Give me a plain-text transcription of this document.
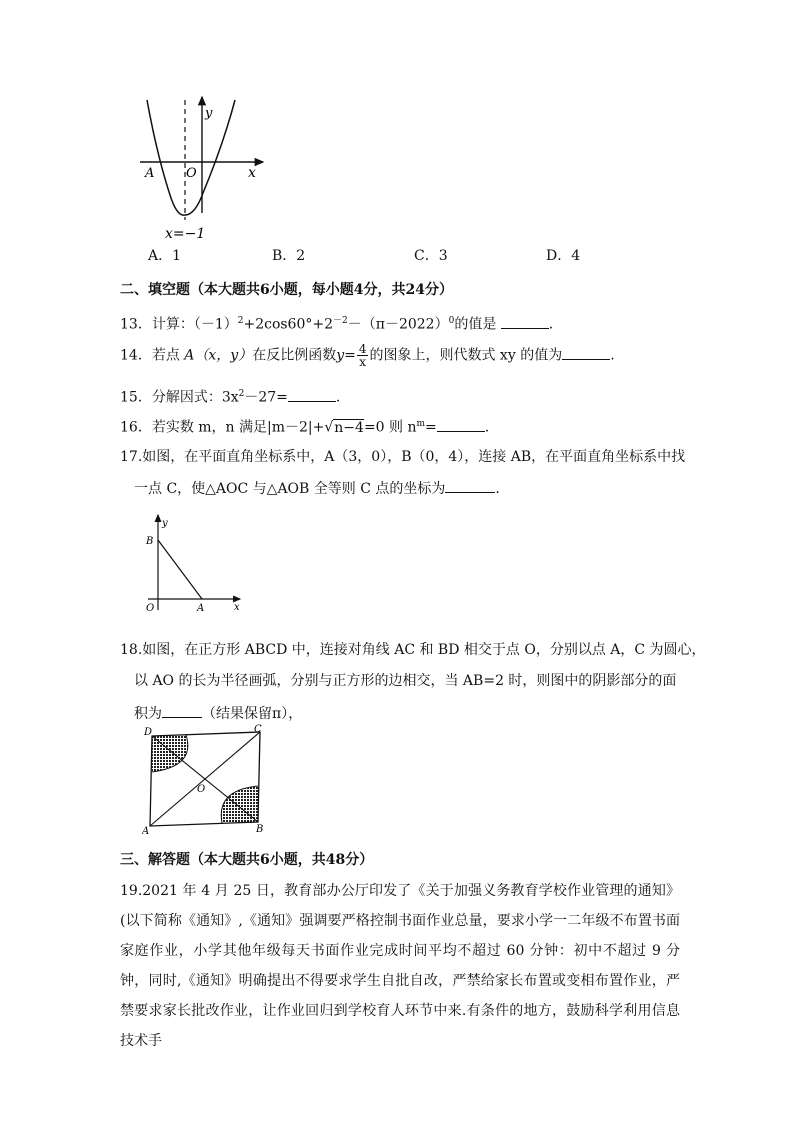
y
x
A O
x=−1
A．1	B．2	C．3	D．4
二、填空题（本大题共6小题，每小题4分，共24分）
13．计算：$(-1)^2+2\cos 60^\circ+2^{-2}-(\pi-2022)^0$的值是	.
14．若点 A（x，y）在反比例函数$y= \frac{4}{x}$ 的图象上，则代数式 xy 的值为	.
15．分解因式：$3x^2-27=$	.
16．若实数 m，n 满足|m－2|+√n−4=0 则 $n^m=$	.
17.如图，在平面直角坐标系中，A（3，0），B（0，4），连接 AB，在平面直角坐标系中找
一点 C，使△AOC 与△AOB 全等则 C 点的坐标为	.
y
x
B
O	A
18.如图，在正方形 ABCD 中，连接对角线 AC 和 BD 相交于点 O，分别以点 A，C 为圆心，
以 AO 的长为半径画弧，分别与正方形的边相交，当 AB=2 时，则图中的阴影部分的面
积为	（结果保留π），
D	C
O
A	B
三、解答题（本大题共6小题，共48分）
19.2021 年 4 月 25 日，教育部办公厅印发了《关于加强义务教育学校作业管理的通知》(以下简称《通知》,《通知》强调要严格控制书面作业总量，要求小学一二年级不布置书面家庭作业，小学其他年级每天书面作业完成时间平均不超过 60 分钟：初中不超过 9 分钟，同时,《通知》明确提出不得要求学生自批自改，严禁给家长布置或变相布置作业，严禁要求家长批改作业，让作业回归到学校育人环节中来.有条件的地方，鼓励科学利用信息技术手
